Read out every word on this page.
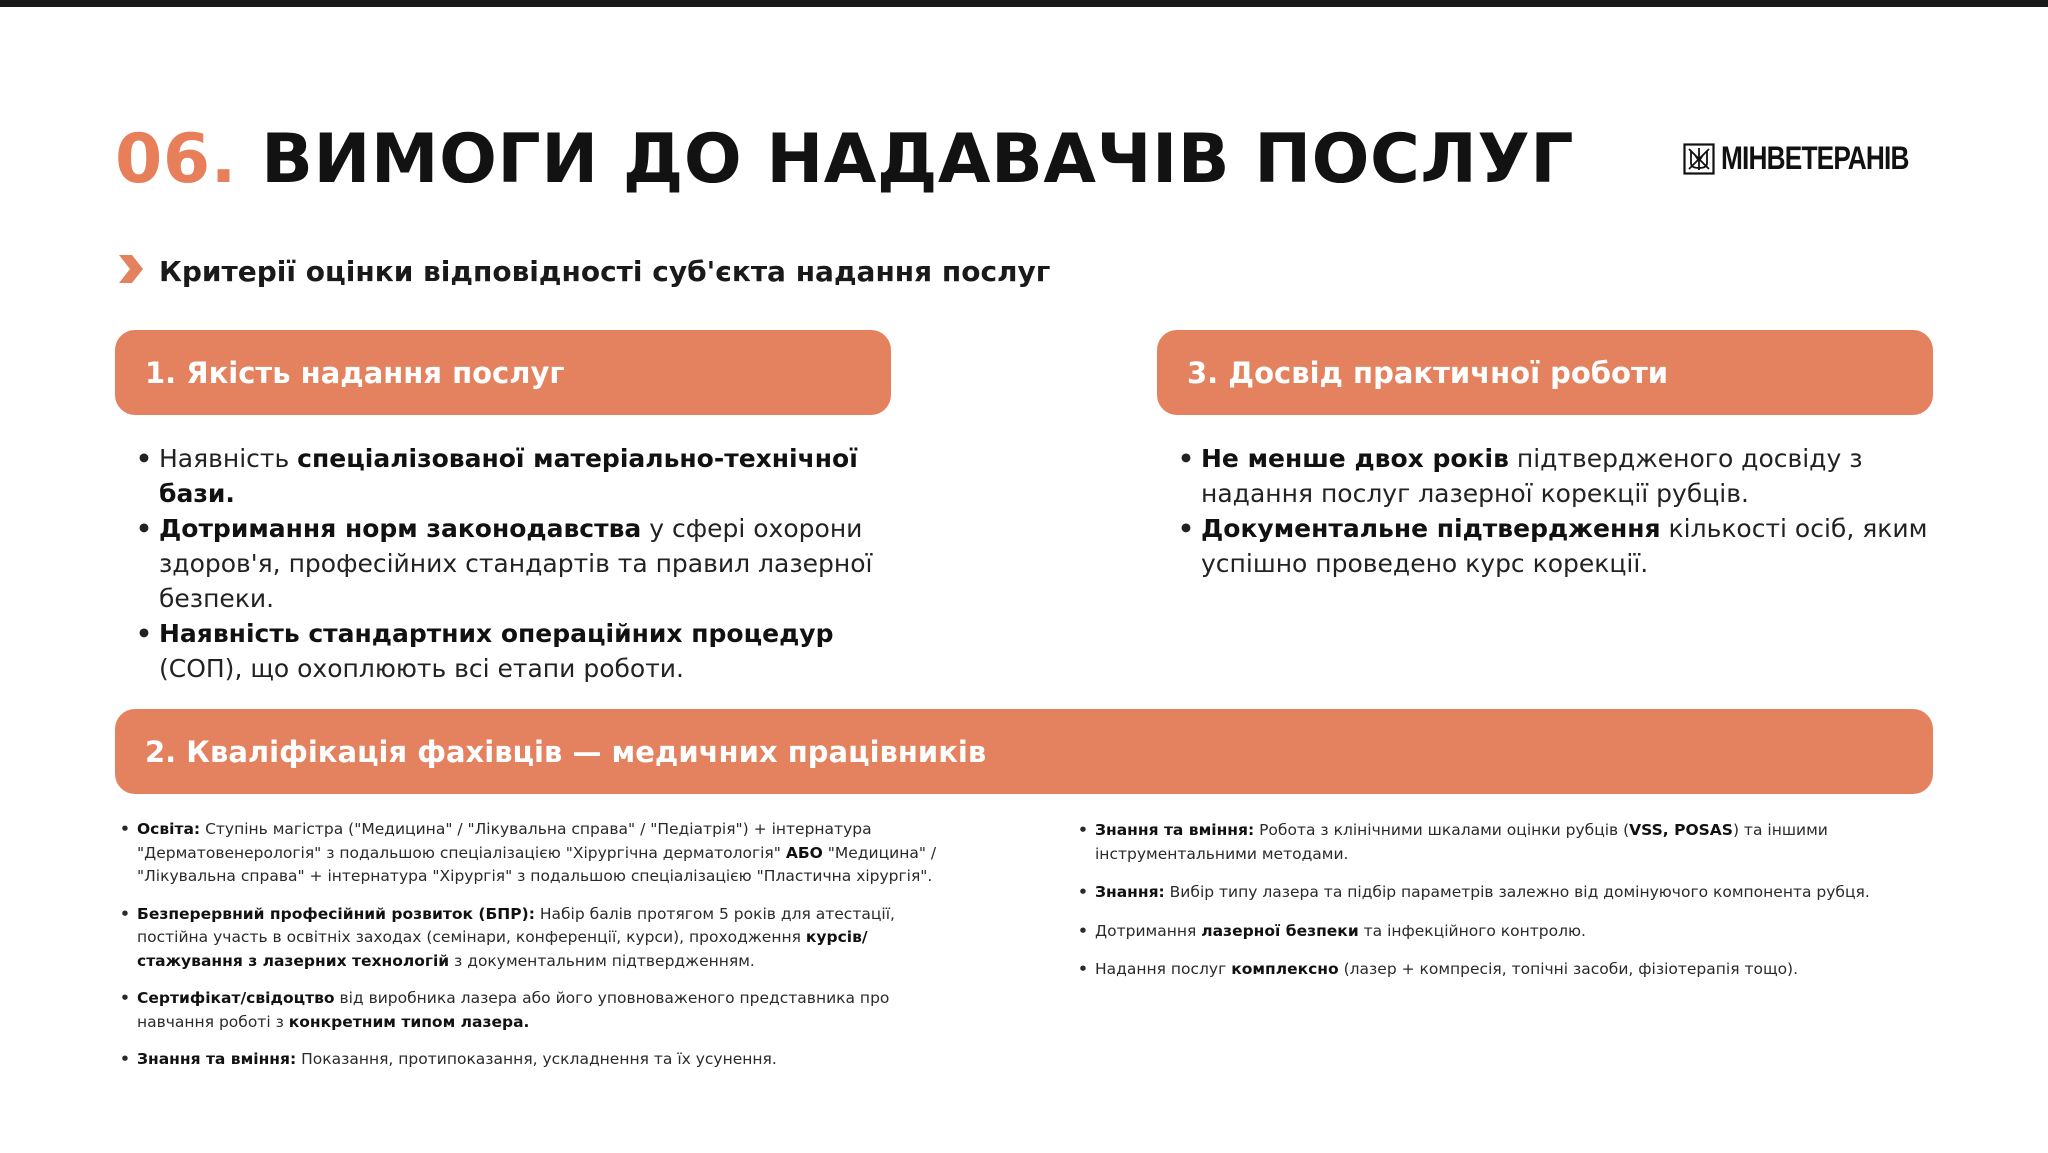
06. ВИМОГИ ДО НАДАВАЧІВ ПОСЛУГ	МІНВЕТЕРАНІВ
Критерії оцінки відповідності суб'єкта надання послуг
1. Якість надання послуг
• Наявність спеціалізованої матеріально-технічної бази.
• Дотримання норм законодавства у сфері охорони здоров'я, професійних стандартів та правил лазерної безпеки.
• Наявність стандартних операційних процедур (СОП), що охоплюють всі етапи роботи.
3. Досвід практичної роботи
• Не менше двох років підтвердженого досвіду з надання послуг лазерної корекції рубців.
• Документальне підтвердження кількості осіб, яким успішно проведено курс корекції.
2. Кваліфікація фахівців — медичних працівників
• Освіта: Ступінь магістра ("Медицина" / "Лікувальна справа" / "Педіатрія") + інтернатура "Дерматовенерологія" з подальшою спеціалізацією "Хірургічна дерматологія" АБО "Медицина" / "Лікувальна справа" + інтернатура "Хірургія" з подальшою спеціалізацією "Пластична хірургія".
• Безперервний професійний розвиток (БПР): Набір балів протягом 5 років для атестації, постійна участь в освітніх заходах (семінари, конференції, курси), проходження курсів/стажування з лазерних технологій з документальним підтвердженням.
• Сертифікат/свідоцтво від виробника лазера або його уповноваженого представника про навчання роботі з конкретним типом лазера.
• Знання та вміння: Показання, протипоказання, ускладнення та їх усунення.
• Знання та вміння: Робота з клінічними шкалами оцінки рубців (VSS, POSAS) та іншими інструментальними методами.
• Знання: Вибір типу лазера та підбір параметрів залежно від домінуючого компонента рубця.
• Дотримання лазерної безпеки та інфекційного контролю.
• Надання послуг комплексно (лазер + компресія, топічні засоби, фізіотерапія тощо).
